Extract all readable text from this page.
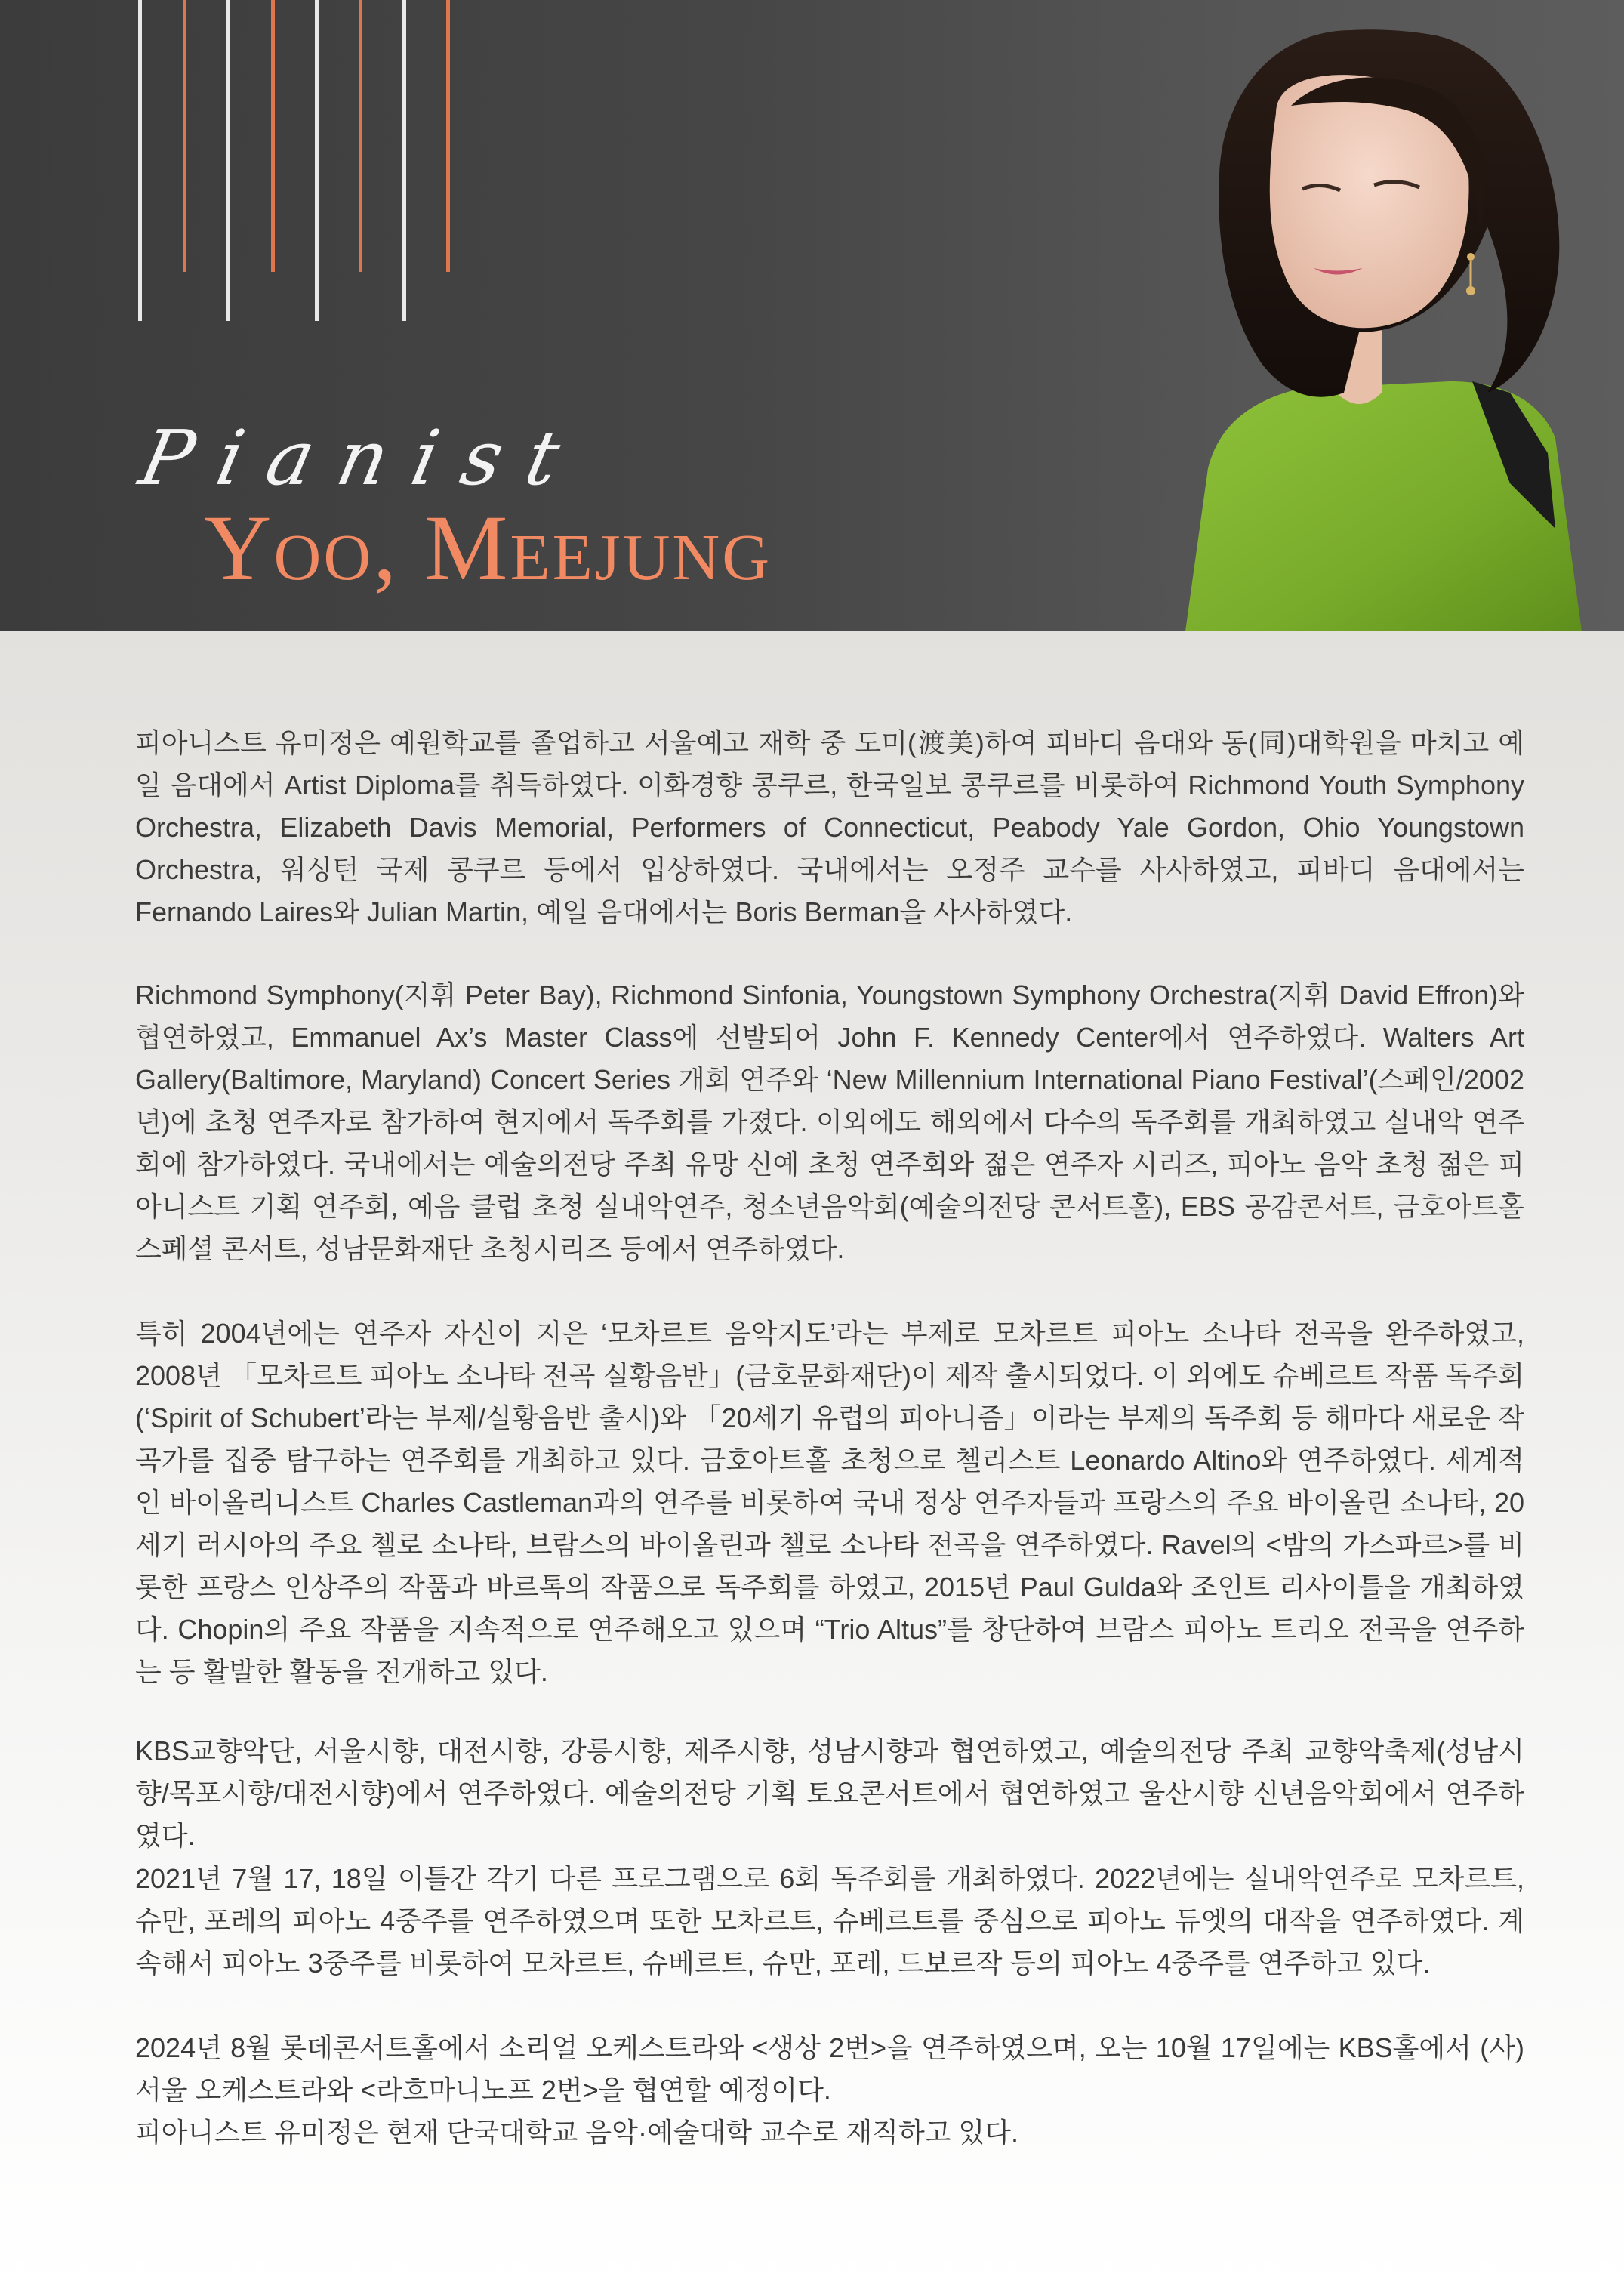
Pianist
Yoo, Meejung

피아니스트 유미정은 예원학교를 졸업하고 서울예고 재학 중 도미(渡美)하여 피바디 음대와 동(同)대학원을 마치고 예일 음대에서 Artist Diploma를 취득하였다. 이화경향 콩쿠르, 한국일보 콩쿠르를 비롯하여 Richmond Youth Symphony Orchestra, Elizabeth Davis Memorial, Performers of Connecticut, Peabody Yale Gordon, Ohio Youngstown Orchestra, 워싱턴 국제 콩쿠르 등에서 입상하였다. 국내에서는 오정주 교수를 사사하였고, 피바디 음대에서는 Fernando Laires와 Julian Martin, 예일 음대에서는 Boris Berman을 사사하였다.

Richmond Symphony(지휘 Peter Bay), Richmond Sinfonia, Youngstown Symphony Orchestra(지휘 David Effron)와 협연하였고, Emmanuel Ax’s Master Class에 선발되어 John F. Kennedy Center에서 연주하였다. Walters Art Gallery(Baltimore, Maryland) Concert Series 개회 연주와 ‘New Millennium International Piano Festival’(스페인/2002년)에 초청 연주자로 참가하여 현지에서 독주회를 가졌다. 이외에도 해외에서 다수의 독주회를 개최하였고 실내악 연주회에 참가하였다. 국내에서는 예술의전당 주최 유망 신예 초청 연주회와 젊은 연주자 시리즈, 피아노 음악 초청 젊은 피아니스트 기획 연주회, 예음 클럽 초청 실내악연주, 청소년음악회(예술의전당 콘서트홀), EBS 공감콘서트, 금호아트홀 스페셜 콘서트, 성남문화재단 초청시리즈 등에서 연주하였다.

특히 2004년에는 연주자 자신이 지은 ‘모차르트 음악지도’라는 부제로 모차르트 피아노 소나타 전곡을 완주하였고, 2008년 「모차르트 피아노 소나타 전곡 실황음반」(금호문화재단)이 제작 출시되었다. 이 외에도 슈베르트 작품 독주회(‘Spirit of Schubert’라는 부제/실황음반 출시)와 「20세기 유럽의 피아니즘」이라는 부제의 독주회 등 해마다 새로운 작곡가를 집중 탐구하는 연주회를 개최하고 있다. 금호아트홀 초청으로 첼리스트 Leonardo Altino와 연주하였다. 세계적인 바이올리니스트 Charles Castleman과의 연주를 비롯하여 국내 정상 연주자들과 프랑스의 주요 바이올린 소나타, 20세기 러시아의 주요 첼로 소나타, 브람스의 바이올린과 첼로 소나타 전곡을 연주하였다. Ravel의 <밤의 가스파르>를 비롯한 프랑스 인상주의 작품과 바르톡의 작품으로 독주회를 하였고, 2015년 Paul Gulda와 조인트 리사이틀을 개최하였다. Chopin의 주요 작품을 지속적으로 연주해오고 있으며 “Trio Altus”를 창단하여 브람스 피아노 트리오 전곡을 연주하는 등 활발한 활동을 전개하고 있다.

KBS교향악단, 서울시향, 대전시향, 강릉시향, 제주시향, 성남시향과 협연하였고, 예술의전당 주최 교향악축제(성남시향/목포시향/대전시향)에서 연주하였다. 예술의전당 기획 토요콘서트에서 협연하였고 울산시향 신년음악회에서 연주하였다.

2021년 7월 17, 18일 이틀간 각기 다른 프로그램으로 6회 독주회를 개최하였다. 2022년에는 실내악연주로 모차르트, 슈만, 포레의 피아노 4중주를 연주하였으며 또한 모차르트, 슈베르트를 중심으로 피아노 듀엣의 대작을 연주하였다. 계속해서 피아노 3중주를 비롯하여 모차르트, 슈베르트, 슈만, 포레, 드보르작 등의 피아노 4중주를 연주하고 있다.

2024년 8월 롯데콘서트홀에서 소리얼 오케스트라와 <생상 2번>을 연주하였으며, 오는 10월 17일에는 KBS홀에서 (사)서울 오케스트라와 <라흐마니노프 2번>을 협연할 예정이다.

피아니스트 유미정은 현재 단국대학교 음악·예술대학 교수로 재직하고 있다.
